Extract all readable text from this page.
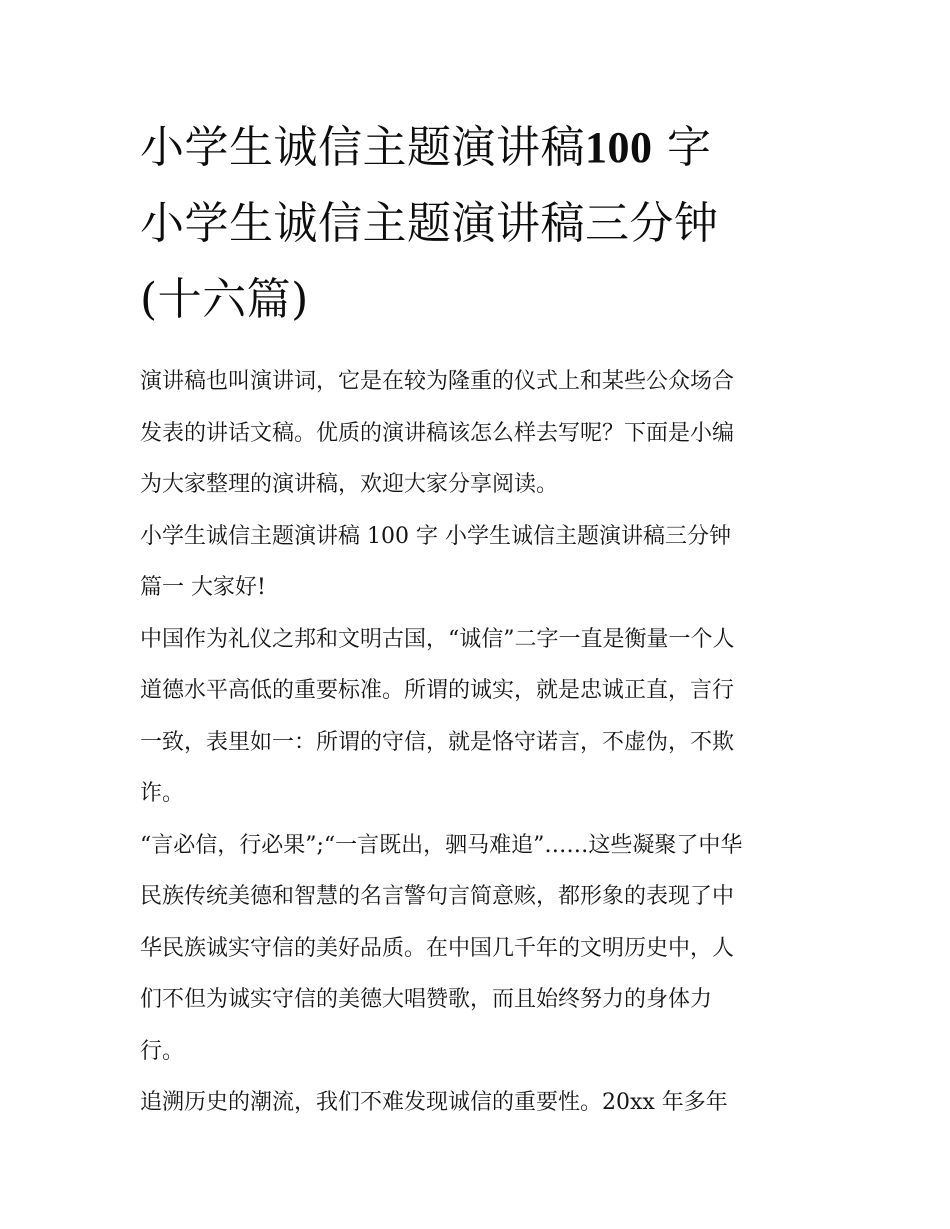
小学生诚信主题演讲稿100 字
小学生诚信主题演讲稿三分钟
(十六篇)

演讲稿也叫演讲词，它是在较为隆重的仪式上和某些公众场合
发表的讲话文稿。优质的演讲稿该怎么样去写呢？下面是小编
为大家整理的演讲稿，欢迎大家分享阅读。

小学生诚信主题演讲稿 100 字 小学生诚信主题演讲稿三分钟
篇一 大家好!

中国作为礼仪之邦和文明古国，“诚信”二字一直是衡量一个人
道德水平高低的重要标准。所谓的诚实，就是忠诚正直，言行
一致，表里如一：所谓的守信，就是恪守诺言，不虚伪，不欺
诈。

“言必信，行必果”;“一言既出，驷马难追”……这些凝聚了中华
民族传统美德和智慧的名言警句言简意赅，都形象的表现了中
华民族诚实守信的美好品质。在中国几千年的文明历史中，人
们不但为诚实守信的美德大唱赞歌，而且始终努力的身体力
行。

追溯历史的潮流，我们不难发现诚信的重要性。20xx 年多年
